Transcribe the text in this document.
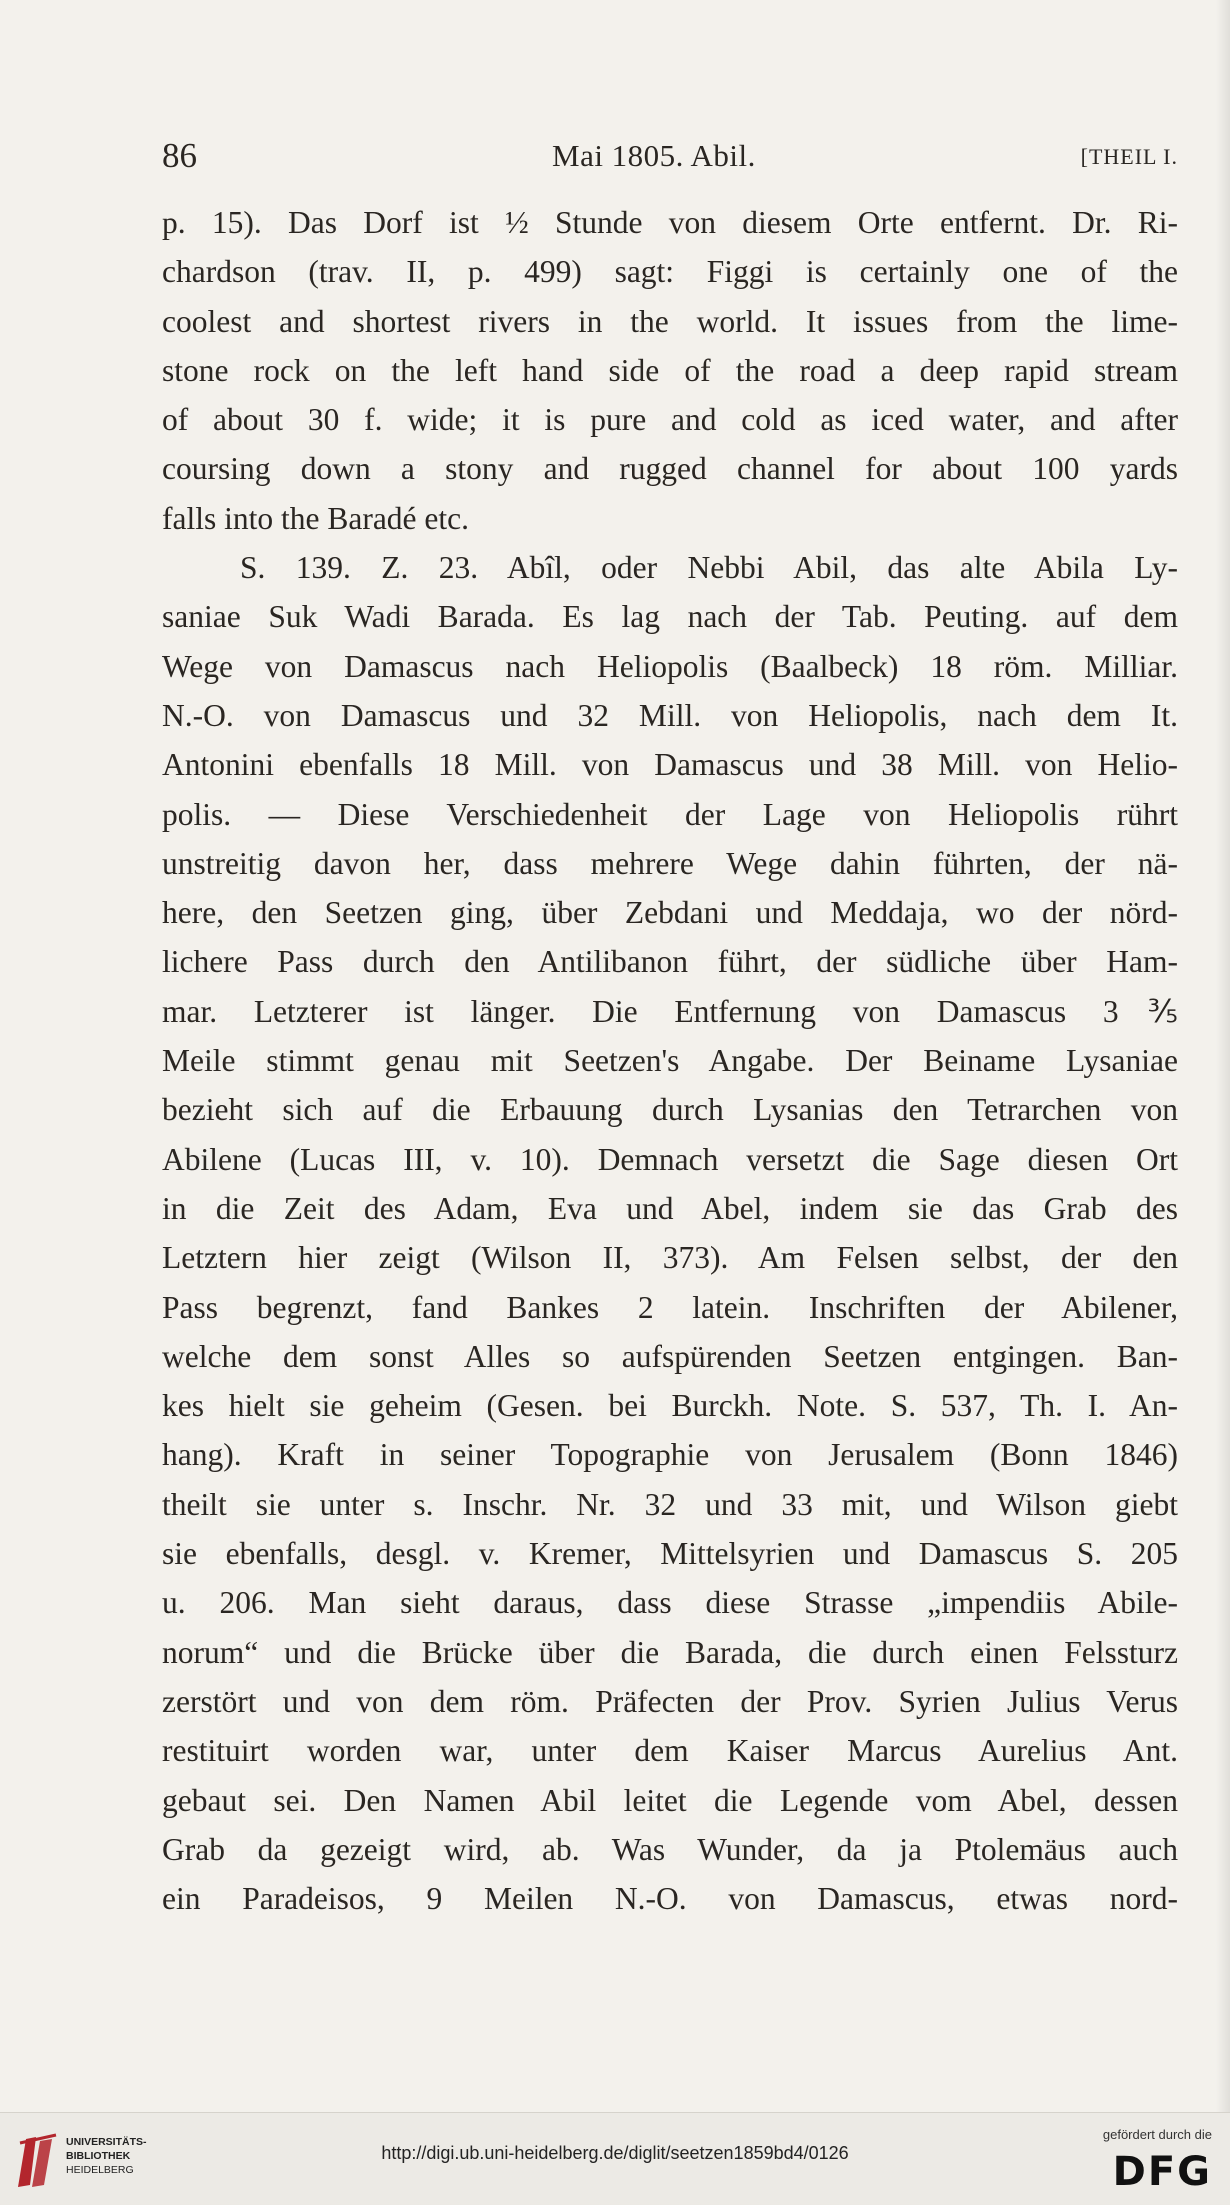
86	Mai 1805. Abil.	[THEIL I.
p. 15). Das Dorf ist ½ Stunde von diesem Orte entfernt. Dr. Ri-
chardson (trav. II, p. 499) sagt: Figgi is certainly one of the
coolest and shortest rivers in the world. It issues from the lime-
stone rock on the left hand side of the road a deep rapid stream
of about 30 f. wide; it is pure and cold as iced water, and after
coursing down a stony and rugged channel for about 100 yards
falls into the Baradé etc.
S. 139. Z. 23. Abîl, oder Nebbi Abil, das alte Abila Ly-
saniae Suk Wadi Barada. Es lag nach der Tab. Peuting. auf dem
Wege von Damascus nach Heliopolis (Baalbeck) 18 röm. Milliar.
N.-O. von Damascus und 32 Mill. von Heliopolis, nach dem It.
Antonini ebenfalls 18 Mill. von Damascus und 38 Mill. von Helio-
polis. — Diese Verschiedenheit der Lage von Heliopolis rührt
unstreitig davon her, dass mehrere Wege dahin führten, der nä-
here, den Seetzen ging, über Zebdani und Meddaja, wo der nörd-
lichere Pass durch den Antilibanon führt, der südliche über Ham-
mar. Letzterer ist länger. Die Entfernung von Damascus 3⅗
Meile stimmt genau mit Seetzen's Angabe. Der Beiname Lysaniae
bezieht sich auf die Erbauung durch Lysanias den Tetrarchen von
Abilene (Lucas III, v. 10). Demnach versetzt die Sage diesen Ort
in die Zeit des Adam, Eva und Abel, indem sie das Grab des
Letztern hier zeigt (Wilson II, 373). Am Felsen selbst, der den
Pass begrenzt, fand Bankes 2 latein. Inschriften der Abilener,
welche dem sonst Alles so aufspürenden Seetzen entgingen. Ban-
kes hielt sie geheim (Gesen. bei Burckh. Note. S. 537, Th. I. An-
hang). Kraft in seiner Topographie von Jerusalem (Bonn 1846)
theilt sie unter s. Inschr. Nr. 32 und 33 mit, und Wilson giebt
sie ebenfalls, desgl. v. Kremer, Mittelsyrien und Damascus S. 205
u. 206. Man sieht daraus, dass diese Strasse „impendiis Abile-
norum“ und die Brücke über die Barada, die durch einen Felssturz
zerstört und von dem röm. Präfecten der Prov. Syrien Julius Verus
restituirt worden war, unter dem Kaiser Marcus Aurelius Ant.
gebaut sei. Den Namen Abil leitet die Legende vom Abel, dessen
Grab da gezeigt wird, ab. Was Wunder, da ja Ptolemäus auch
ein Paradeisos, 9 Meilen N.-O. von Damascus, etwas nord-
UNIVERSITÄTS-
BIBLIOTHEK
HEIDELBERG
http://digi.ub.uni-heidelberg.de/diglit/seetzen1859bd4/0126
gefördert durch die
DFG
